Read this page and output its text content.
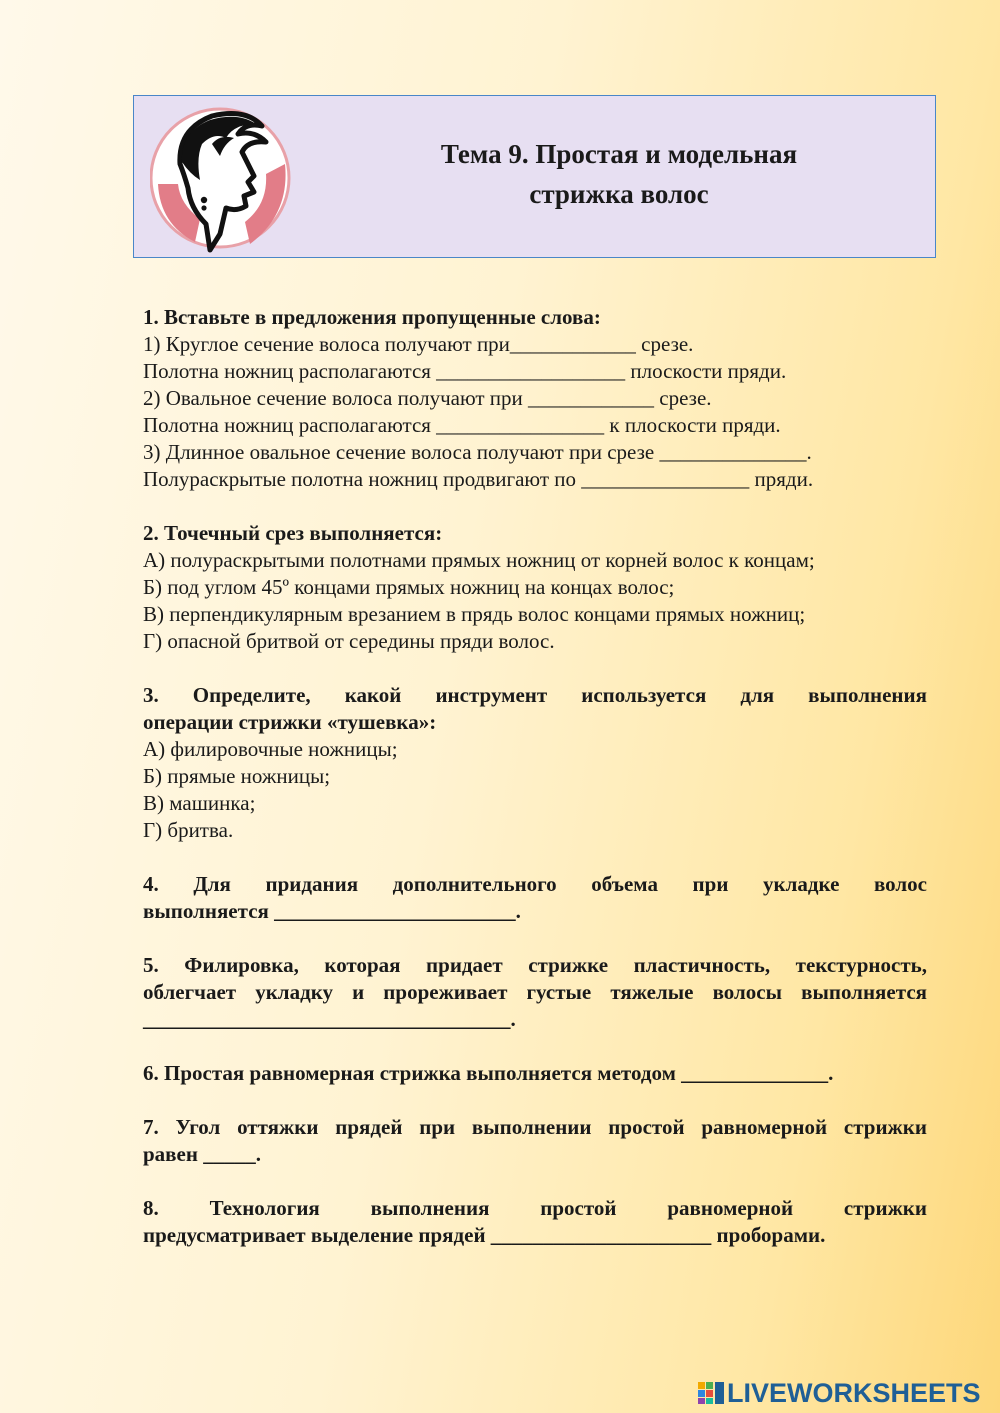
Тема 9. Простая и модельная
стрижка волос

1. Вставьте в предложения пропущенные слова:

1) Круглое сечение волоса получают при____________ срезе.

Полотна ножниц располагаются __________________ плоскости пряди.

2) Овальное сечение волоса получают при ____________ срезе.

Полотна ножниц располагаются ________________ к плоскости пряди.

3) Длинное овальное сечение волоса получают при срезе ______________.

Полураскрытые полотна ножниц продвигают по ________________ пряди.

2. Точечный срез выполняется:

А) полураскрытыми полотнами прямых ножниц от корней волос к концам;

Б) под углом 45º концами прямых ножниц на концах волос;

В) перпендикулярным врезанием в прядь волос концами прямых ножниц;

Г) опасной бритвой от середины пряди волос.

3. Определите, какой инструмент используется для выполнения

операции стрижки «тушевка»:

А) филировочные ножницы;

Б) прямые ножницы;

В) машинка;

Г) бритва.

4. Для придания дополнительного объема при укладке волос

выполняется _______________________.

5. Филировка, которая придает стрижке пластичность, текстурность,

облегчает укладку и прореживает густые тяжелые волосы выполняется

___________________________________.

6. Простая равномерная стрижка выполняется методом ______________.

7. Угол оттяжки прядей при выполнении простой равномерной стрижки

равен _____.

8. Технология выполнения простой равномерной стрижки

предусматривает выделение прядей _____________________ проборами.

LIVEWORKSHEETS
